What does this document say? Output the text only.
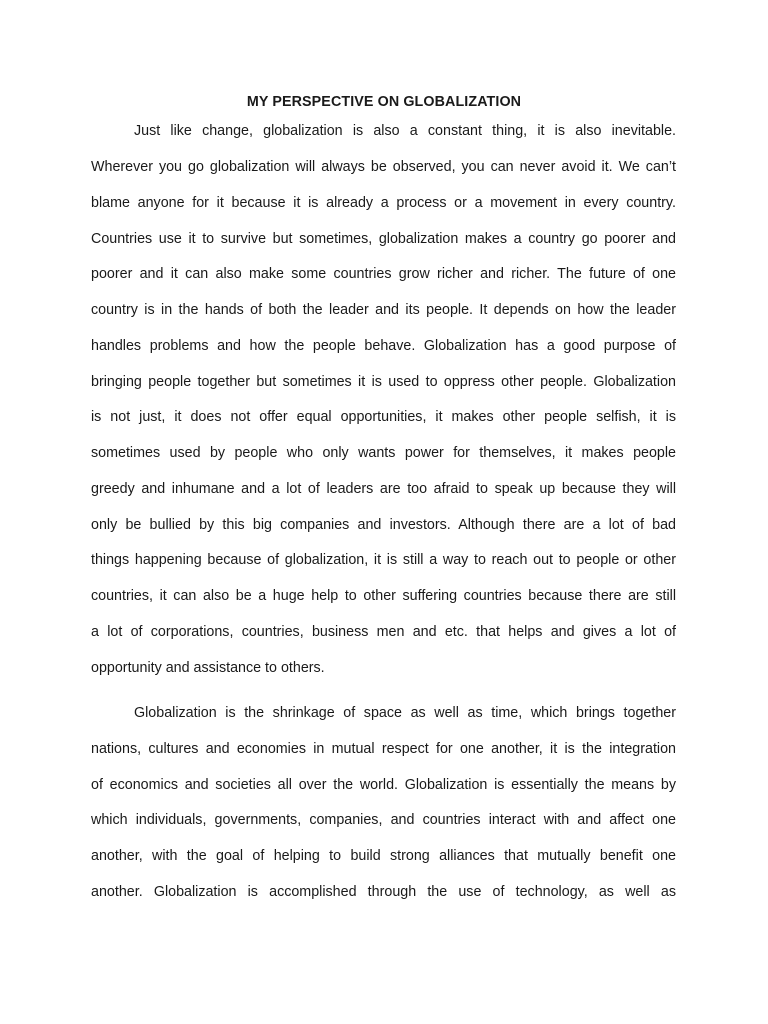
MY PERSPECTIVE ON GLOBALIZATION
Just like change, globalization is also a constant thing, it is also inevitable.
Wherever you go globalization will always be observed, you can never avoid it. We can’t
blame anyone for it because it is already a process or a movement in every country.
Countries use it to survive but sometimes, globalization makes a country go poorer and
poorer and it can also make some countries grow richer and richer. The future of one
country is in the hands of both the leader and its people. It depends on how the leader
handles problems and how the people behave. Globalization has a good purpose of
bringing people together but sometimes it is used to oppress other people. Globalization
is not just, it does not offer equal opportunities, it makes other people selfish, it is
sometimes used by people who only wants power for themselves, it makes people
greedy and inhumane and a lot of leaders are too afraid to speak up because they will
only be bullied by this big companies and investors. Although there are a lot of bad
things happening because of globalization, it is still a way to reach out to people or other
countries, it can also be a huge help to other suffering countries because there are still
a lot of corporations, countries, business men and etc. that helps and gives a lot of
opportunity and assistance to others.
Globalization is the shrinkage of space as well as time, which brings together
nations, cultures and economies in mutual respect for one another, it is the integration
of economics and societies all over the world. Globalization is essentially the means by
which individuals, governments, companies, and countries interact with and affect one
another, with the goal of helping to build strong alliances that mutually benefit one
another. Globalization is accomplished through the use of technology, as well as
